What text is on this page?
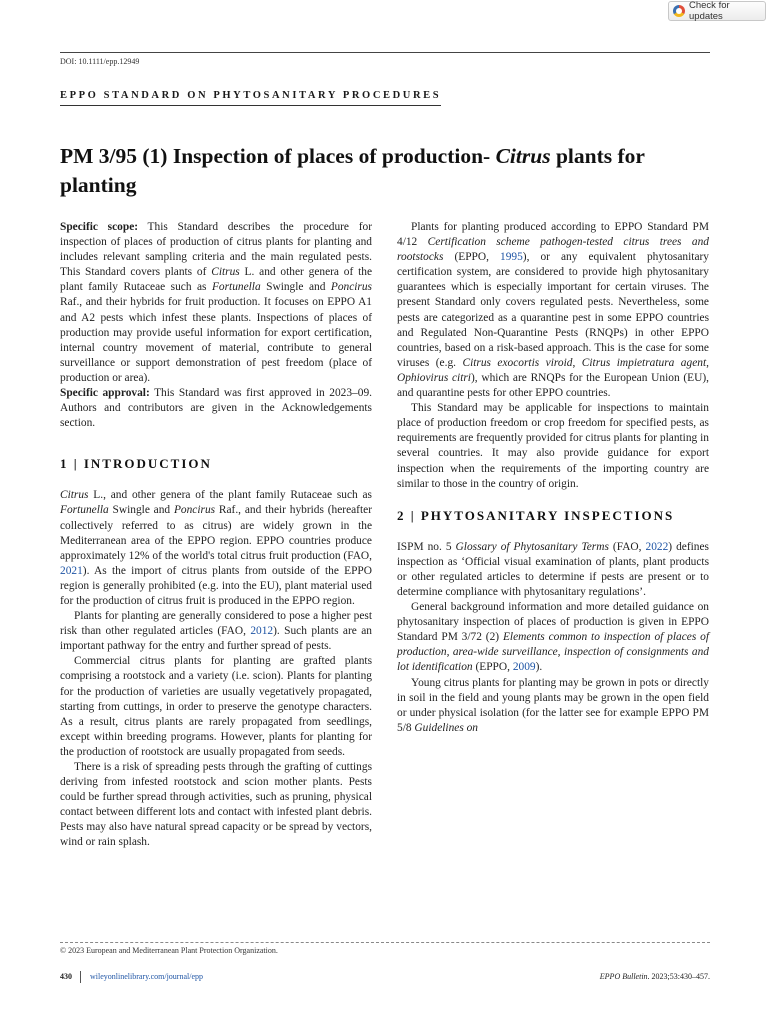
Check for updates
DOI: 10.1111/epp.12949
EPPO STANDARD ON PHYTOSANITARY PROCEDURES
PM 3/95 (1) Inspection of places of production- Citrus plants for planting

Specific scope: This Standard describes the procedure for inspection of places of production of citrus plants for planting and includes relevant sampling criteria and the main regulated pests. This Standard covers plants of Citrus L. and other genera of the plant family Rutaceae such as Fortunella Swingle and Poncirus Raf., and their hybrids for fruit production. It focuses on EPPO A1 and A2 pests which infest these plants. Inspections of places of production may provide useful information for export certification, internal country movement of material, contribute to general surveillance or support demonstration of pest freedom (place of production or area).

Specific approval: This Standard was first approved in 2023–09. Authors and contributors are given in the Acknowledgements section.

1 | INTRODUCTION

Citrus L., and other genera of the plant family Rutaceae such as Fortunella Swingle and Poncirus Raf., and their hybrids (hereafter collectively referred to as citrus) are widely grown in the Mediterranean area of the EPPO region. EPPO countries produce approximately 12% of the world's total citrus fruit production (FAO, 2021). As the import of citrus plants from outside of the EPPO region is generally prohibited (e.g. into the EU), plant material used for the production of citrus fruit is produced in the EPPO region.

Plants for planting are generally considered to pose a higher pest risk than other regulated articles (FAO, 2012). Such plants are an important pathway for the entry and further spread of pests.

Commercial citrus plants for planting are grafted plants comprising a rootstock and a variety (i.e. scion). Plants for planting for the production of varieties are usually vegetatively propagated, starting from cuttings, in order to preserve the genotype characters. As a result, citrus plants are rarely propagated from seedlings, except within breeding programs. However, plants for planting for the production of rootstock are usually propagated from seeds.

There is a risk of spreading pests through the grafting of cuttings deriving from infested rootstock and scion mother plants. Pests could be further spread through activities, such as pruning, physical contact between different lots and contact with infested plant debris. Pests may also have natural spread capacity or be spread by vectors, wind or rain splash.

Plants for planting produced according to EPPO Standard PM 4/12 Certification scheme pathogen-tested citrus trees and rootstocks (EPPO, 1995), or any equivalent phytosanitary certification system, are considered to provide high phytosanitary guarantees which is especially important for certain viruses. The present Standard only covers regulated pests. Nevertheless, some pests are categorized as a quarantine pest in some EPPO countries and Regulated Non-Quarantine Pests (RNQPs) in other EPPO countries, based on a risk-based approach. This is the case for some viruses (e.g. Citrus exocortis viroid, Citrus impietratura agent, Ophiovirus citri), which are RNQPs for the European Union (EU), and quarantine pests for other EPPO countries.

This Standard may be applicable for inspections to maintain place of production freedom or crop freedom for specified pests, as requirements are frequently provided for citrus plants for planting in several countries. It may also provide guidance for export inspection when the requirements of the importing country are similar to those in the country of origin.

2 | PHYTOSANITARY INSPECTIONS

ISPM no. 5 Glossary of Phytosanitary Terms (FAO, 2022) defines inspection as ‘Official visual examination of plants, plant products or other regulated articles to determine if pests are present or to determine compliance with phytosanitary regulations’.

General background information and more detailed guidance on phytosanitary inspection of places of production is given in EPPO Standard PM 3/72 (2) Elements common to inspection of places of production, area-wide surveillance, inspection of consignments and lot identification (EPPO, 2009).

Young citrus plants for planting may be grown in pots or directly in soil in the field and young plants may be grown in the open field or under physical isolation (for the latter see for example EPPO PM 5/8 Guidelines on

© 2023 European and Mediterranean Plant Protection Organization.
430 wileyonlinelibrary.com/journal/epp	EPPO Bulletin. 2023;53:430–457.
